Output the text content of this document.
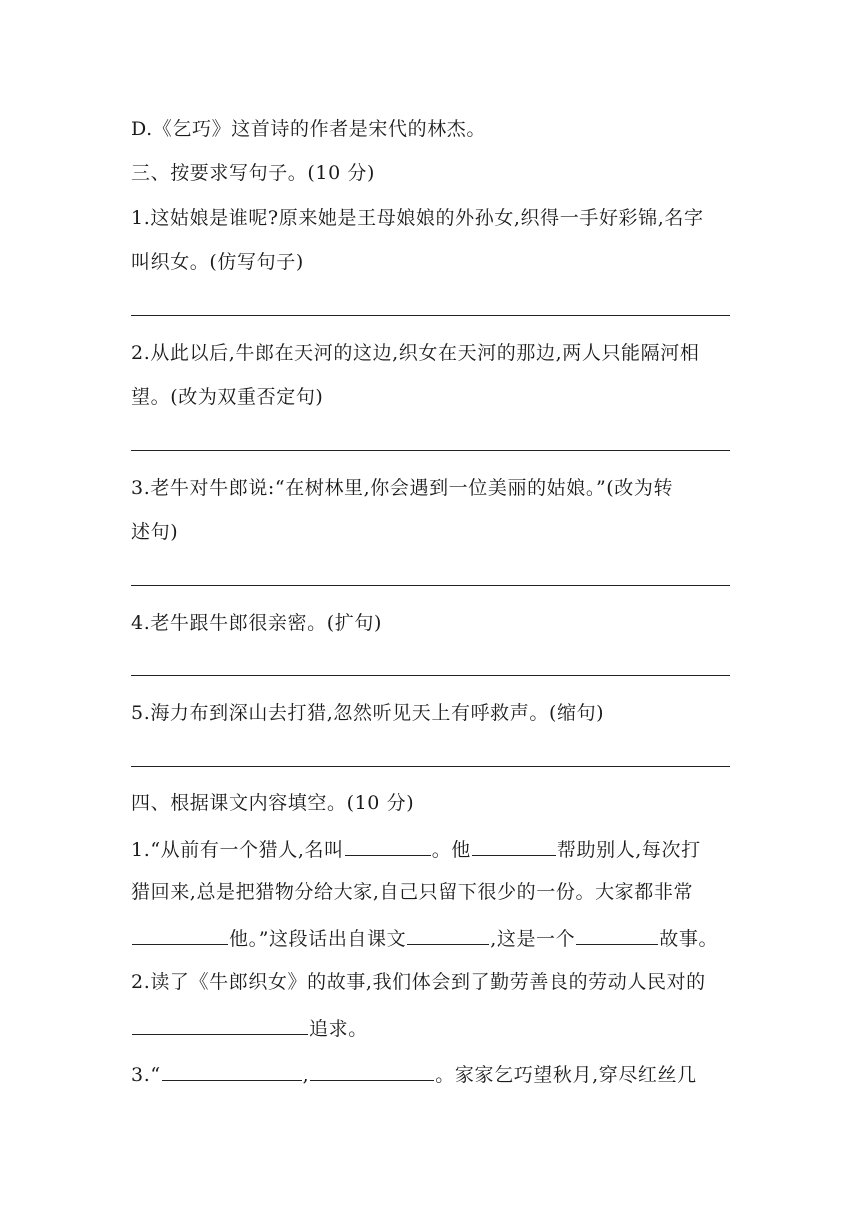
D.《乞巧》这首诗的作者是宋代的林杰。
三、按要求写句子。(10 分)
1.这姑娘是谁呢?原来她是王母娘娘的外孙女,织得一手好彩锦,名字
叫织女。(仿写句子)
2.从此以后,牛郎在天河的这边,织女在天河的那边,两人只能隔河相
望。(改为双重否定句)
3.老牛对牛郎说:“在树林里,你会遇到一位美丽的姑娘。”(改为转
述句)
4.老牛跟牛郎很亲密。(扩句)
5.海力布到深山去打猎,忽然听见天上有呼救声。(缩句)
四、根据课文内容填空。(10 分)
1.“从前有一个猎人,名叫	。他	帮助别人,每次打
猎回来,总是把猎物分给大家,自己只留下很少的一份。大家都非常
他。”这段话出自课文	,这是一个	故事。
2.读了《牛郎织女》的故事,我们体会到了勤劳善良的劳动人民对的
追求。
3.“	,	。家家乞巧望秋月,穿尽红丝几
